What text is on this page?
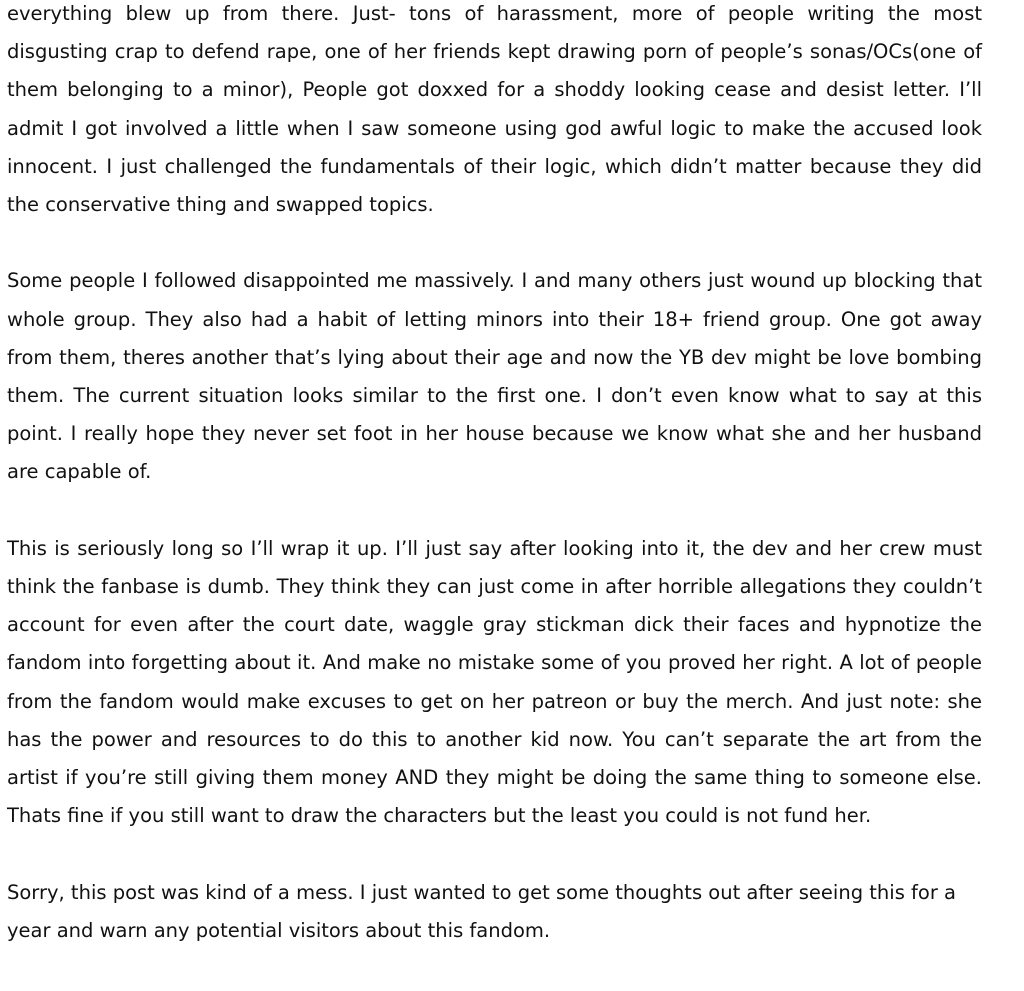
everything blew up from there. Just- tons of harassment, more of people writing the most disgusting crap to defend rape, one of her friends kept drawing porn of people’s sonas/OCs(one of them belonging to a minor), People got doxxed for a shoddy looking cease and desist letter. I’ll admit I got involved a little when I saw someone using god awful logic to make the accused look innocent. I just challenged the fundamentals of their logic, which didn’t matter because they did the conservative thing and swapped topics.

Some people I followed disappointed me massively. I and many others just wound up blocking that whole group. They also had a habit of letting minors into their 18+ friend group. One got away from them, theres another that’s lying about their age and now the YB dev might be love bombing them. The current situation looks similar to the first one. I don’t even know what to say at this point. I really hope they never set foot in her house because we know what she and her husband are capable of.

This is seriously long so I’ll wrap it up. I’ll just say after looking into it, the dev and her crew must think the fanbase is dumb. They think they can just come in after horrible allegations they couldn’t account for even after the court date, waggle gray stickman dick their faces and hypnotize the fandom into forgetting about it. And make no mistake some of you proved her right. A lot of people from the fandom would make excuses to get on her patreon or buy the merch. And just note: she has the power and resources to do this to another kid now. You can’t separate the art from the artist if you’re still giving them money AND they might be doing the same thing to someone else. Thats fine if you still want to draw the characters but the least you could is not fund her.

Sorry, this post was kind of a mess. I just wanted to get some thoughts out after seeing this for a year and warn any potential visitors about this fandom.
